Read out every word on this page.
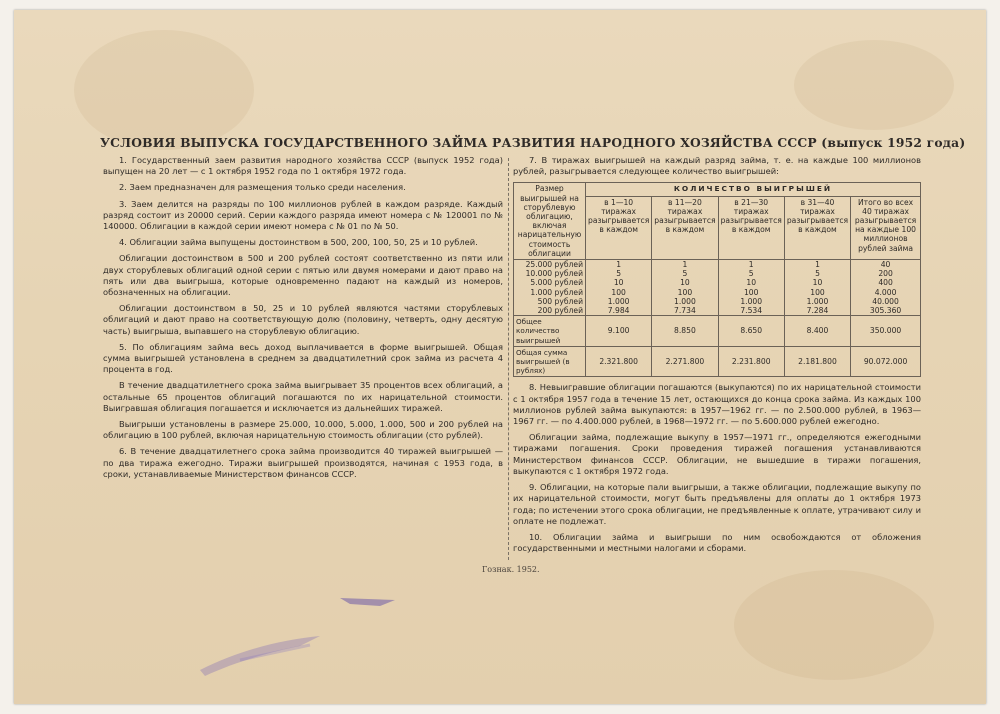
УСЛОВИЯ ВЫПУСКА ГОСУДАРСТВЕННОГО ЗАЙМА РАЗВИТИЯ НАРОДНОГО ХОЗЯЙСТВА СССР (выпуск 1952 года)

1. Государственный заем развития народного хозяйства СССР (выпуск 1952 года) выпущен на 20 лет — с 1 октября 1952 года по 1 октября 1972 года.

2. Заем предназначен для размещения только среди населения.

3. Заем делится на разряды по 100 миллионов рублей в каждом разряде. Каждый разряд состоит из 20000 серий. Серии каждого разряда имеют номера с № 120001 по № 140000. Облигации в каждой серии имеют номера с № 01 по № 50.

4. Облигации займа выпущены достоинством в 500, 200, 100, 50, 25 и 10 рублей.

Облигации достоинством в 500 и 200 рублей состоят соответственно из пяти или двух сторублевых облигаций одной серии с пятью или двумя номерами и дают право на пять или два выигрыша, которые одновременно падают на каждый из номеров, обозначенных на облигации.

Облигации достоинством в 50, 25 и 10 рублей являются частями сторублевых облигаций и дают право на соответствующую долю (половину, четверть, одну десятую часть) выигрыша, выпавшего на сторублевую облигацию.

5. По облигациям займа весь доход выплачивается в форме выигрышей. Общая сумма выигрышей установлена в среднем за двадцатилетний срок займа из расчета 4 процента в год.

В течение двадцатилетнего срока займа выигрывает 35 процентов всех облигаций, а остальные 65 процентов облигаций погашаются по их нарицательной стоимости. Выигравшая облигация погашается и исключается из дальнейших тиражей.

Выигрыши установлены в размере 25.000, 10.000, 5.000, 1.000, 500 и 200 рублей на облигацию в 100 рублей, включая нарицательную стоимость облигации (сто рублей).

6. В течение двадцатилетнего срока займа производится 40 тиражей выигрышей — по два тиража ежегодно. Тиражи выигрышей производятся, начиная с 1953 года, в сроки, устанавливаемые Министерством финансов СССР.

7. В тиражах выигрышей на каждый разряд займа, т. е. на каждые 100 миллионов рублей, разыгрывается следующее количество выигрышей:

Размер выигрышей на сторублевую облигацию, включая нарицательную стоимость облигации	КОЛИЧЕСТВО ВЫИГРЫШЕЙ				
	в 1—10 тиражах разыгрывается в каждом	в 11—20 тиражах разыгрывается в каждом	в 21—30 тиражах разыгрывается в каждом	в 31—40 тиражах разыгрывается в каждом	Итого во всех 40 тиражах разыгрывается на каждые 100 миллионов рублей займа
25.000 рублей	1	1	1	1	40
10.000 рублей	5	5	5	5	200
5.000 рублей	10	10	10	10	400
1.000 рублей	100	100	100	100	4.000
500 рублей	1.000	1.000	1.000	1.000	40.000
200 рублей	7.984	7.734	7.534	7.284	305.360
Общее количество выигрышей	9.100	8.850	8.650	8.400	350.000
Общая сумма выигрышей (в рублях)	2.321.800	2.271.800	2.231.800	2.181.800	90.072.000

8. Невыигравшие облигации погашаются (выкупаются) по их нарицательной стоимости с 1 октября 1957 года в течение 15 лет, остающихся до конца срока займа. Из каждых 100 миллионов рублей займа выкупаются: в 1957—1962 гг. — по 2.500.000 рублей, в 1963—1967 гг. — по 4.400.000 рублей, в 1968—1972 гг. — по 5.600.000 рублей ежегодно.

Облигации займа, подлежащие выкупу в 1957—1971 гг., определяются ежегодными тиражами погашения. Сроки проведения тиражей погашения устанавливаются Министерством финансов СССР. Облигации, не вышедшие в тиражи погашения, выкупаются с 1 октября 1972 года.

9. Облигации, на которые пали выигрыши, а также облигации, подлежащие выкупу по их нарицательной стоимости, могут быть предъявлены для оплаты до 1 октября 1973 года; по истечении этого срока облигации, не предъявленные к оплате, утрачивают силу и оплате не подлежат.

10. Облигации займа и выигрыши по ним освобождаются от обложения государственными и местными налогами и сборами.

Гознак. 1952.
